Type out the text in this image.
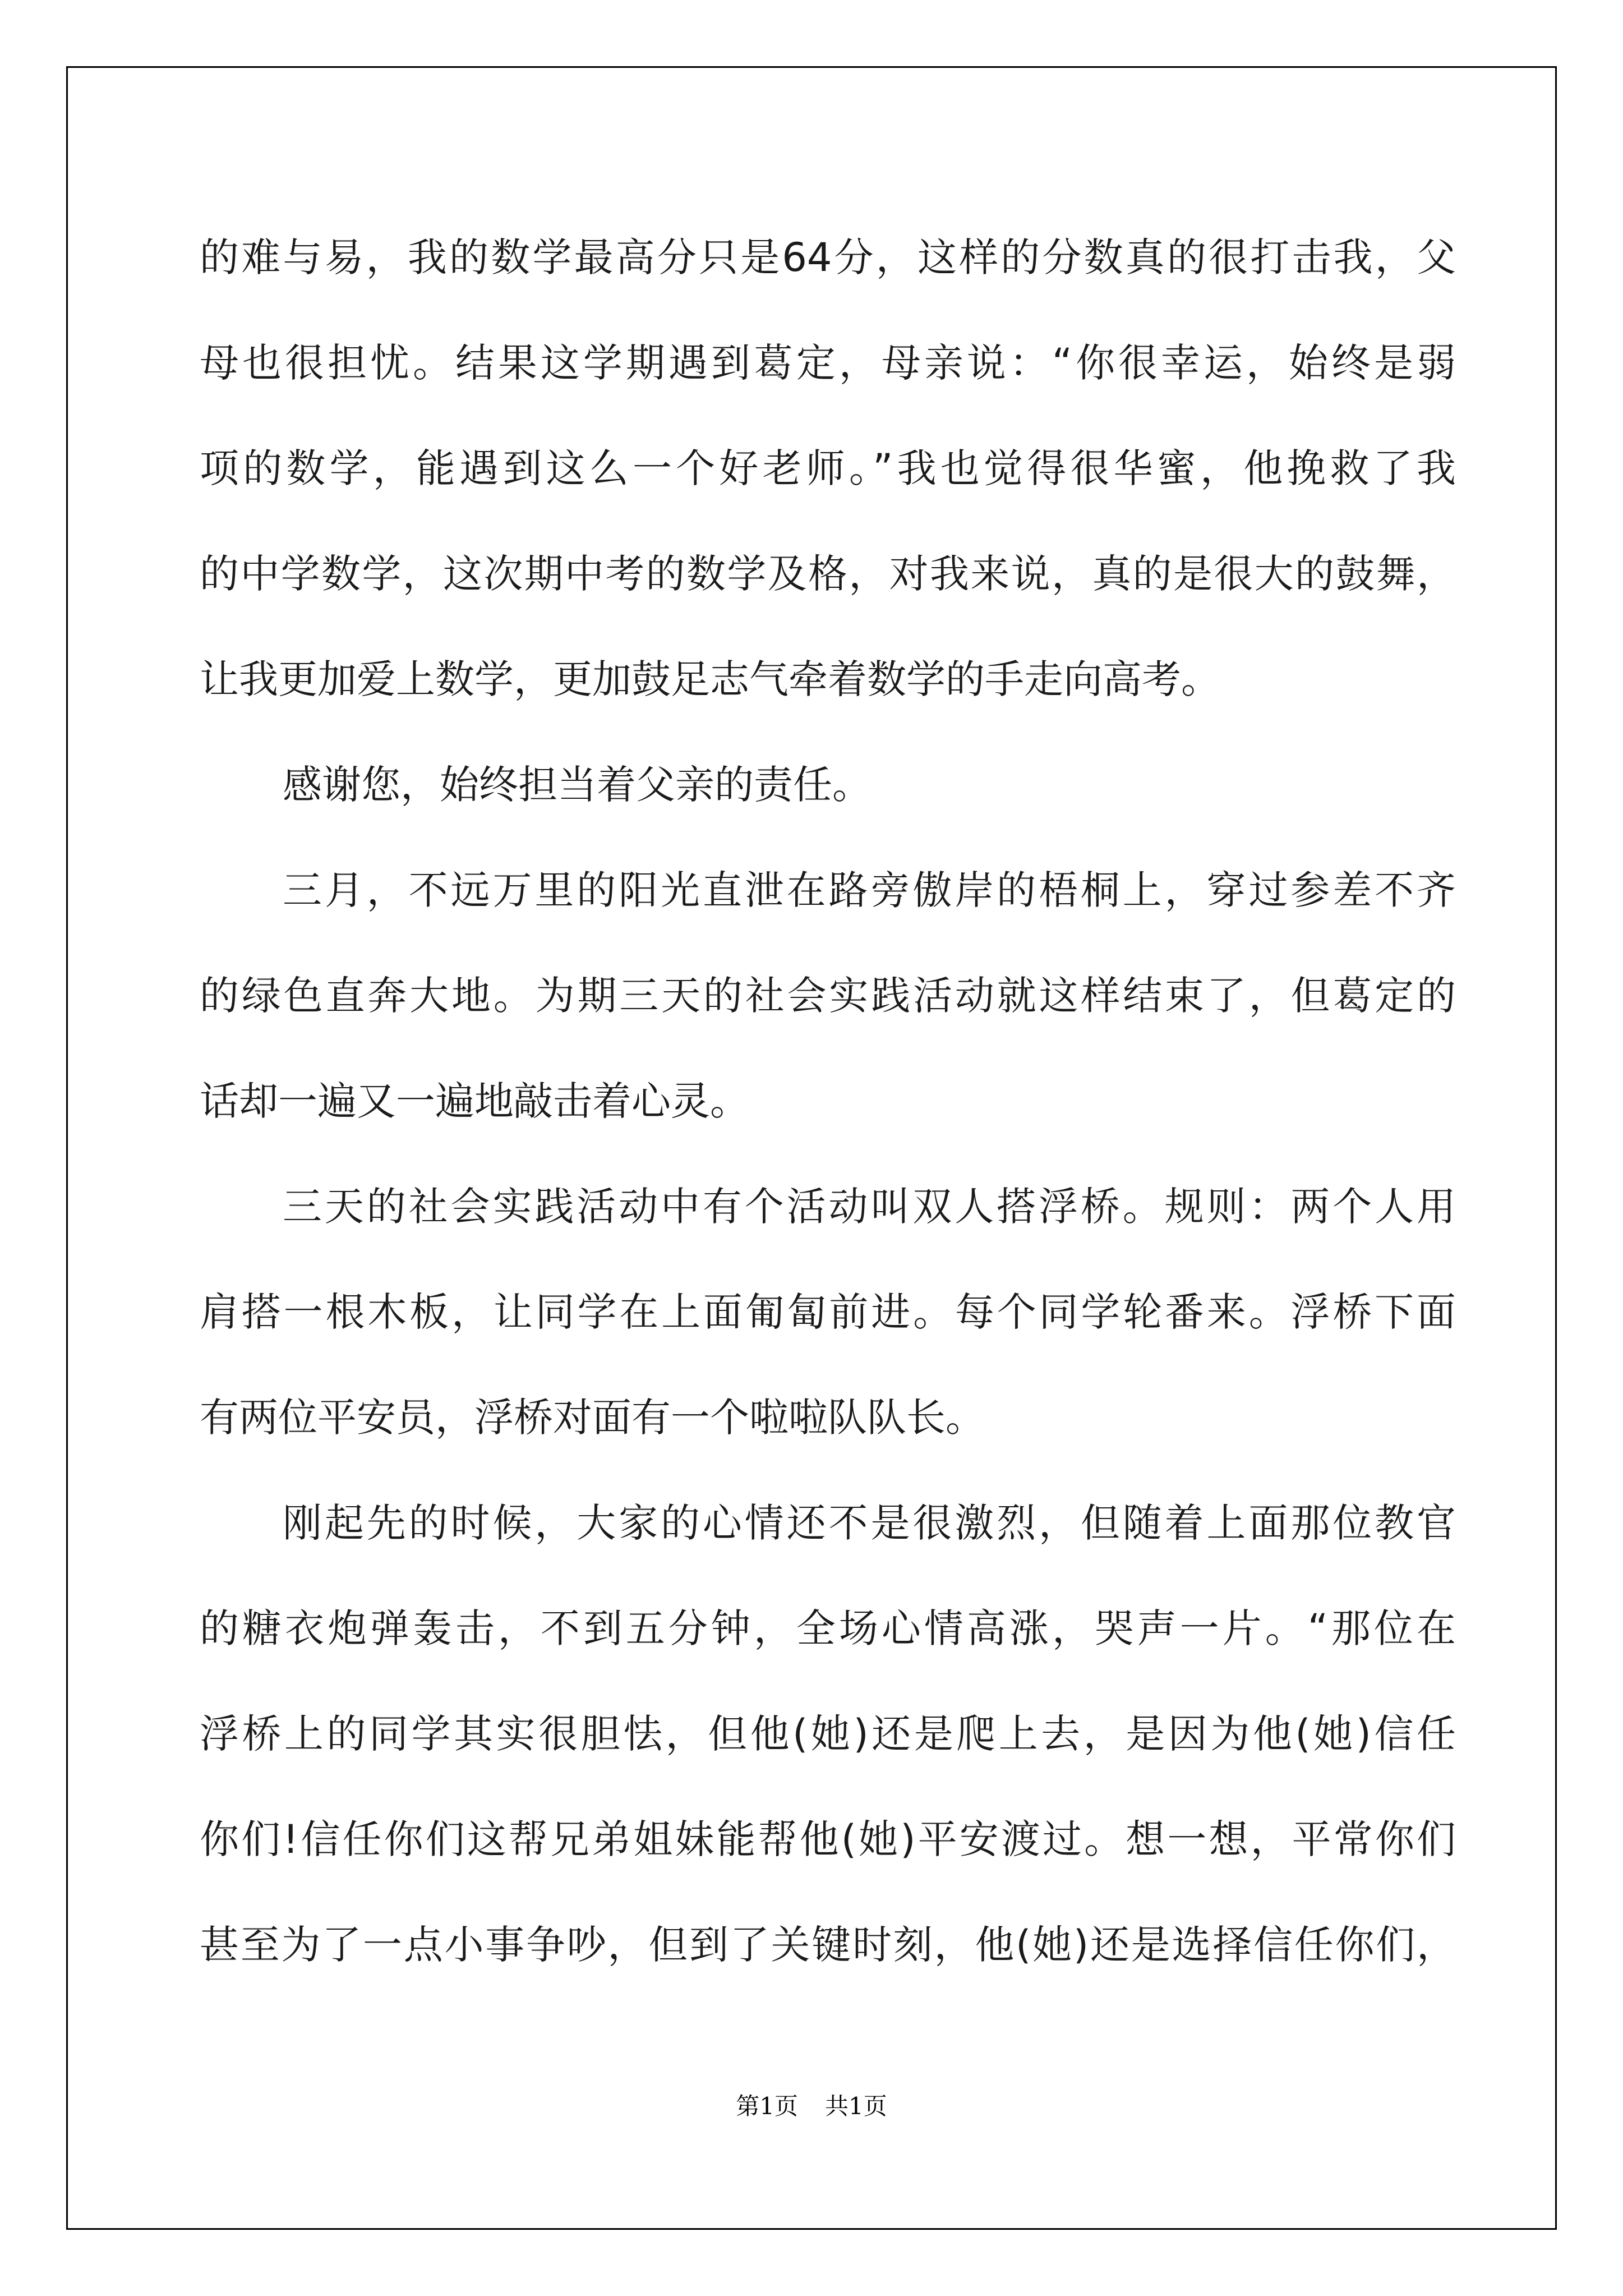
的难与易，我的数学最高分只是64分，这样的分数真的很打击我，父
母也很担忧。结果这学期遇到葛定，母亲说：“你很幸运，始终是弱
项的数学，能遇到这么一个好老师。”我也觉得很华蜜，他挽救了我
的中学数学，这次期中考的数学及格，对我来说，真的是很大的鼓舞，
让我更加爱上数学，更加鼓足志气牵着数学的手走向高考。
感谢您，始终担当着父亲的责任。
三月，不远万里的阳光直泄在路旁傲岸的梧桐上，穿过参差不齐
的绿色直奔大地。为期三天的社会实践活动就这样结束了，但葛定的
话却一遍又一遍地敲击着心灵。
三天的社会实践活动中有个活动叫双人搭浮桥。规则：两个人用
肩搭一根木板，让同学在上面匍匐前进。每个同学轮番来。浮桥下面
有两位平安员，浮桥对面有一个啦啦队队长。
刚起先的时候，大家的心情还不是很激烈，但随着上面那位教官
的糖衣炮弹轰击，不到五分钟，全场心情高涨，哭声一片。“那位在
浮桥上的同学其实很胆怯，但他(她)还是爬上去，是因为他(她)信任
你们!信任你们这帮兄弟姐妹能帮他(她)平安渡过。想一想，平常你们
甚至为了一点小事争吵，但到了关键时刻，他(她)还是选择信任你们，
第1页 共1页
